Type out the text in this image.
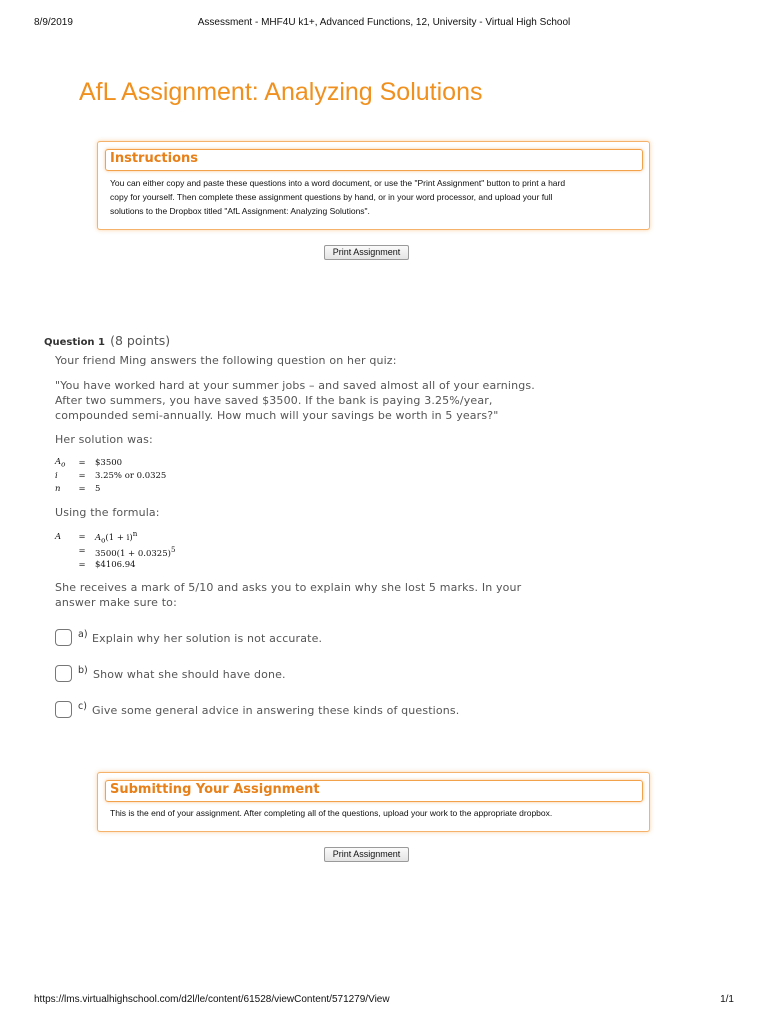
8/9/2019	Assessment - MHF4U k1+, Advanced Functions, 12, University - Virtual High School
AfL Assignment: Analyzing Solutions
Instructions
You can either copy and paste these questions into a word document, or use the "Print Assignment" button to print a hard
copy for yourself. Then complete these assignment questions by hand, or in your word processor, and upload your full
solutions to the Dropbox titled "AfL Assignment: Analyzing Solutions".
Print Assignment
Question 1 (8 points)

Your friend Ming answers the following question on her quiz:

"You have worked hard at your summer jobs – and saved almost all of your earnings.
After two summers, you have saved $3500. If the bank is paying 3.25%/year,
compounded semi-annually. How much will your savings be worth in 5 years?"

Her solution was:

$A_o$	=	$3500
i	=	3.25% or 0.0325
n	=	5

Using the formula:

A	=	$A_o(1 + i)^n$
	=	$3500(1 + 0.0325)^5$
	=	$4106.94
She receives a mark of 5/10 and asks you to explain why she lost 5 marks. In your
answer make sure to:
a) Explain why her solution is not accurate.
b) Show what she should have done.
c) Give some general advice in answering these kinds of questions.
Submitting Your Assignment
This is the end of your assignment. After completing all of the questions, upload your work to the appropriate dropbox.
Print Assignment
https://lms.virtualhighschool.com/d2l/le/content/61528/viewContent/571279/View	1/1
